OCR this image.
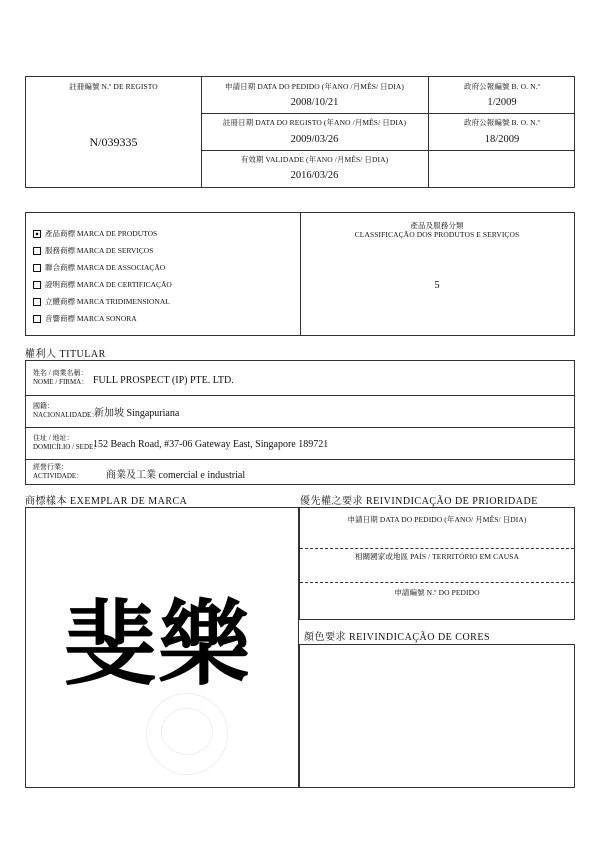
註冊編號 N.º DE REGISTO
N/039335
申請日期 DATA DO PEDIDO (年ANO /月MÊS/ 日DIA)
2008/10/21
政府公報編號 B. O. N.º
1/2009
註冊日期 DATA DO REGISTO (年ANO /月MÊS/ 日DIA)
2009/03/26
政府公報編號 B. O. N.º
18/2009
有效期 VALIDADE (年ANO /月MÊS/ 日DIA)
2016/03/26
產品商標 MARCA DE PRODUTOS
服務商標 MARCA DE SERVIÇOS
聯合商標 MARCA DE ASSOCIAÇÃO
證明商標 MARCA DE CERTIFICAÇÃO
立體商標 MARCA TRIDIMENSIONAL
音響商標 MARCA SONORA
產品及服務分類
CLASSIFICAÇÃO DOS PRODUTOS E SERVIÇOS
5
權利人 TITULAR
姓名 / 商業名稱：
NOME / FIRMA： FULL PROSPECT (IP) PTE. LTD.
國籍：
NACIONALIDADE：
新加坡 Singapuriana
住址 / 地址：
DOMICÍLIO / SEDE：
152 Beach Road, #37-06 Gateway East, Singapore 189721
經營行業：
ACTIVIDADE： 商業及工業 comercial e industrial
商標樣本 EXEMPLAR DE MARCA	優先權之要求 REIVINDICAÇÃO DE PRIORIDADE
斐樂
申請日期 DATA DO PEDIDO (年ANO/ 月MÊS/ 日DIA)
相關國家或地區 PAÍS / TERRITÓRIO EM CAUSA
申請編號 N.º DO PEDIDO
顏色要求 REIVINDICAÇÃO DE CORES
